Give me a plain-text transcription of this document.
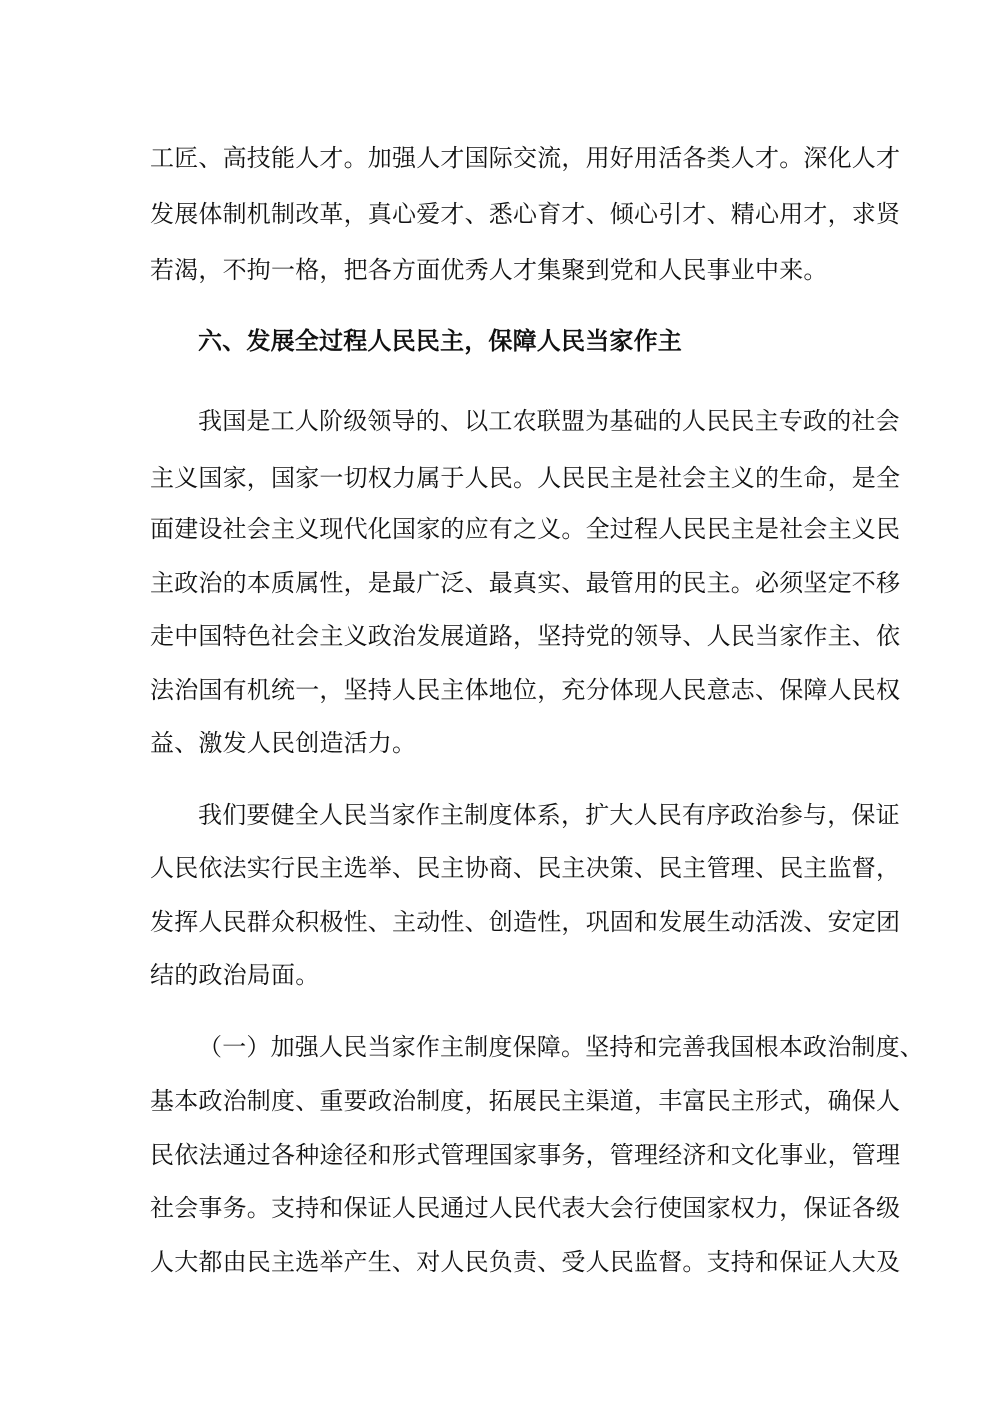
工匠、高技能人才。加强人才国际交流，用好用活各类人才。深化人才
发展体制机制改革，真心爱才、悉心育才、倾心引才、精心用才，求贤
若渴，不拘一格，把各方面优秀人才集聚到党和人民事业中来。
六、发展全过程人民民主，保障人民当家作主
我国是工人阶级领导的、以工农联盟为基础的人民民主专政的社会
主义国家，国家一切权力属于人民。人民民主是社会主义的生命，是全
面建设社会主义现代化国家的应有之义。全过程人民民主是社会主义民
主政治的本质属性，是最广泛、最真实、最管用的民主。必须坚定不移
走中国特色社会主义政治发展道路，坚持党的领导、人民当家作主、依
法治国有机统一，坚持人民主体地位，充分体现人民意志、保障人民权
益、激发人民创造活力。
我们要健全人民当家作主制度体系，扩大人民有序政治参与，保证
人民依法实行民主选举、民主协商、民主决策、民主管理、民主监督，
发挥人民群众积极性、主动性、创造性，巩固和发展生动活泼、安定团
结的政治局面。
（一）加强人民当家作主制度保障。坚持和完善我国根本政治制度、
基本政治制度、重要政治制度，拓展民主渠道，丰富民主形式，确保人
民依法通过各种途径和形式管理国家事务，管理经济和文化事业，管理
社会事务。支持和保证人民通过人民代表大会行使国家权力，保证各级
人大都由民主选举产生、对人民负责、受人民监督。支持和保证人大及
